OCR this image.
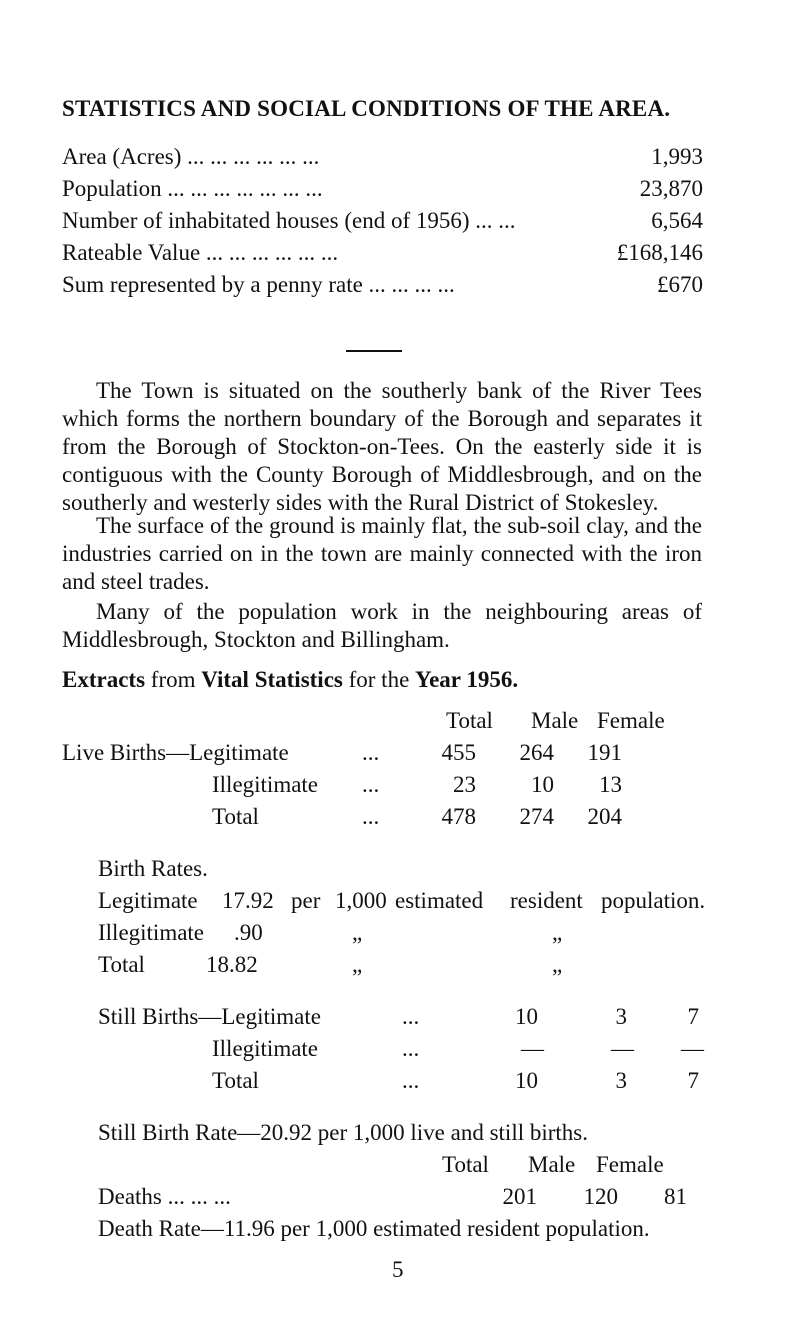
STATISTICS AND SOCIAL CONDITIONS OF THE AREA.
Area (Acres) ... ... ... ... ... ...	1,993
Population ... ... ... ... ... ... ...	23,870
Number of inhabitated houses (end of 1956) ... ...	6,564
Rateable Value ... ... ... ... ... ...	£168,146
Sum represented by a penny rate ... ... ... ...	£670
The Town is situated on the southerly bank of the River Tees which forms the northern boundary of the Borough and separates it from the Borough of Stockton-on-Tees. On the easterly side it is contiguous with the County Borough of Middlesbrough, and on the southerly and westerly sides with the Rural District of Stokesley.
The surface of the ground is mainly flat, the sub-soil clay, and the industries carried on in the town are mainly connected with the iron and steel trades.
Many of the population work in the neighbouring areas of Middlesbrough, Stockton and Billingham.
Extracts from Vital Statistics for the Year 1956.
Total Male Female
Live Births—Legitimate	...	455 264 191
Illegitimate ...	23 10 13
Total	...	478 274 204
Birth Rates.
Legitimate 17.92 per 1,000 estimated resident population.
Illegitimate .90	„	„
Total	18.82	„	„
Still Births—Legitimate	...	10	3	7
Illegitimate	...	—	— —
Total	...	10	3	7
Still Birth Rate—20.92 per 1,000 live and still births.
Total Male Female
Deaths ... ... ...	201 120 81
Death Rate—11.96 per 1,000 estimated resident population.
5
